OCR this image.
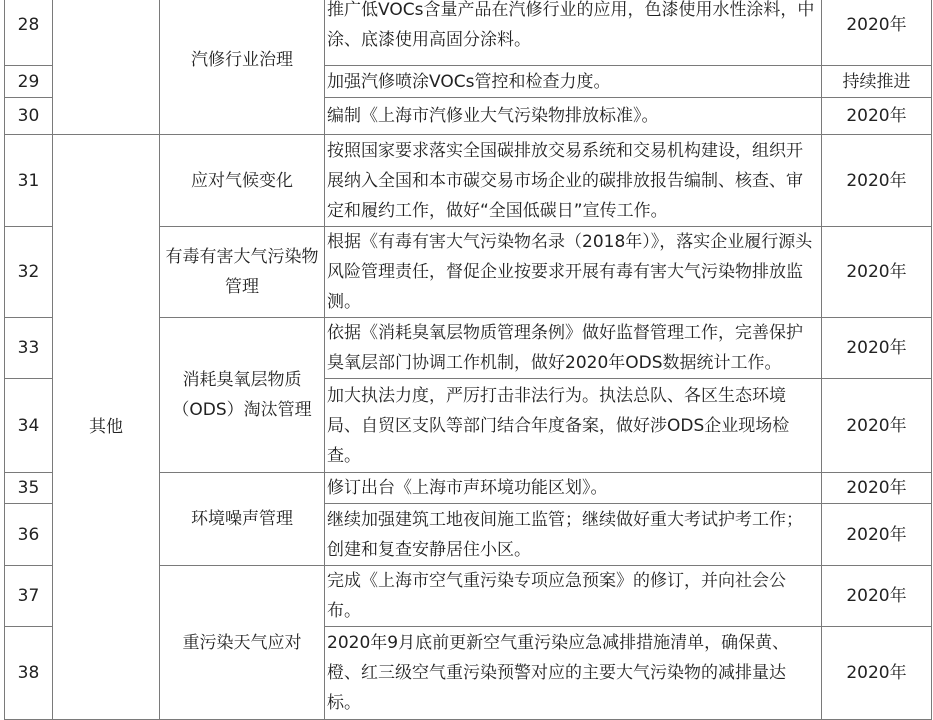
28		汽修行业治理	推广低VOCs含量产品在汽修行业的应用，色漆使用水性涂料，中涂、底漆使用高固分涂料。	2020年
29			加强汽修喷涂VOCs管控和检查力度。	持续推进
30			编制《上海市汽修业大气污染物排放标准》。	2020年
31	其他	应对气候变化	按照国家要求落实全国碳排放交易系统和交易机构建设，组织开展纳入全国和本市碳交易市场企业的碳排放报告编制、核查、审定和履约工作，做好“全国低碳日”宣传工作。	2020年
32		有毒有害大气污染物管理	根据《有毒有害大气污染物名录（2018年）》，落实企业履行源头风险管理责任，督促企业按要求开展有毒有害大气污染物排放监测。	2020年
33		消耗臭氧层物质（ODS）淘汰管理	依据《消耗臭氧层物质管理条例》做好监督管理工作，完善保护臭氧层部门协调工作机制，做好2020年ODS数据统计工作。	2020年
34			加大执法力度，严厉打击非法行为。执法总队、各区生态环境局、自贸区支队等部门结合年度备案，做好涉ODS企业现场检查。	2020年
35		环境噪声管理	修订出台《上海市声环境功能区划》。	2020年
36			继续加强建筑工地夜间施工监管；继续做好重大考试护考工作；创建和复查安静居住小区。	2020年
37		重污染天气应对	完成《上海市空气重污染专项应急预案》的修订，并向社会公布。	2020年
38			2020年9月底前更新空气重污染应急减排措施清单，确保黄、橙、红三级空气重污染预警对应的主要大气污染物的减排量达标。	2020年
